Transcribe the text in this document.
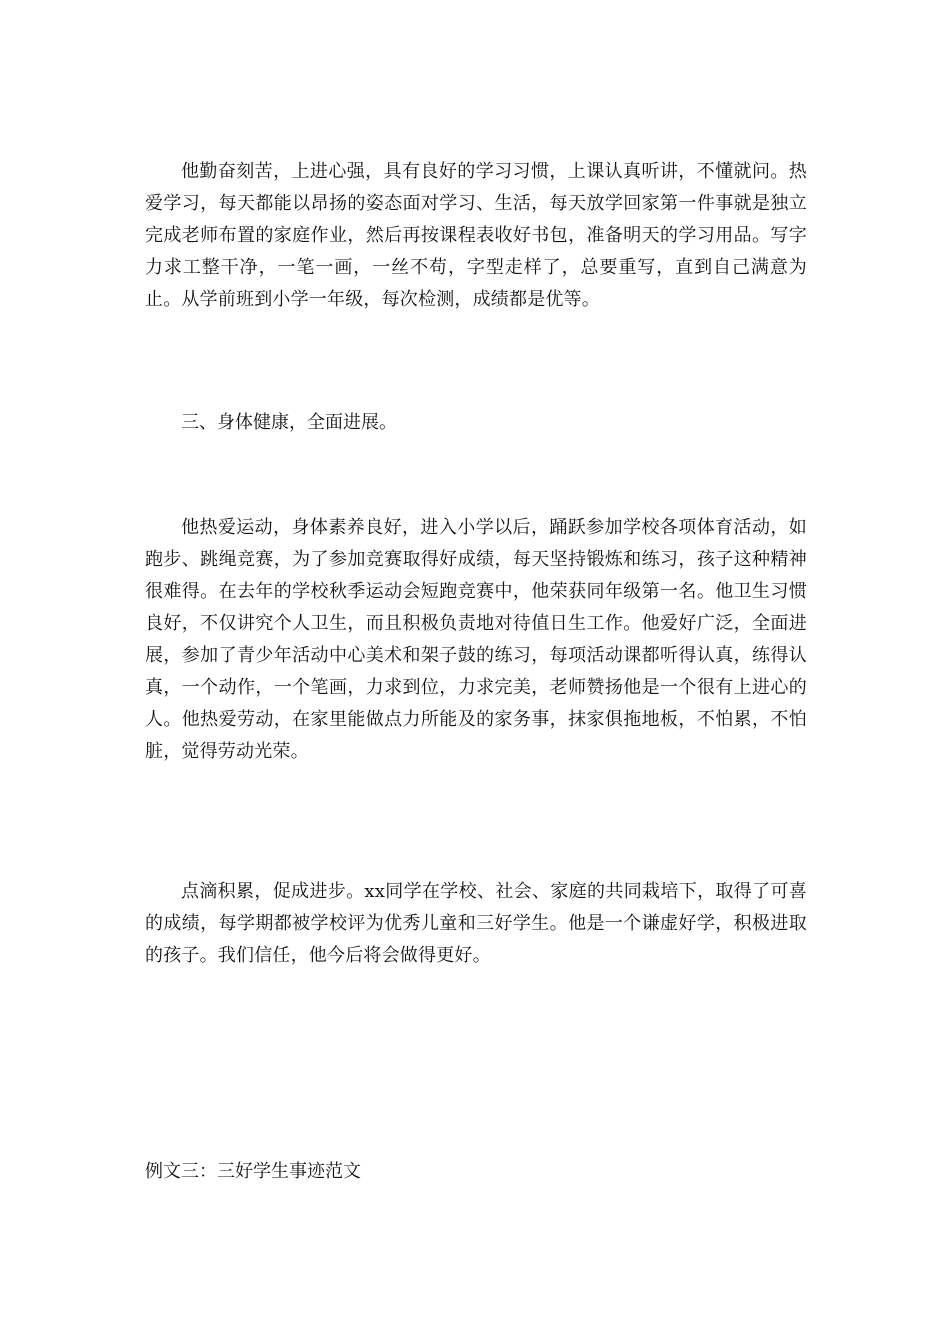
他勤奋刻苦，上进心强，具有良好的学习习惯，上课认真听讲，不懂就问。热爱学习，每天都能以昂扬的姿态面对学习、生活，每天放学回家第一件事就是独立完成老师布置的家庭作业，然后再按课程表收好书包，准备明天的学习用品。写字力求工整干净，一笔一画，一丝不苟，字型走样了，总要重写，直到自己满意为止。从学前班到小学一年级，每次检测，成绩都是优等。

三、身体健康，全面进展。

他热爱运动，身体素养良好，进入小学以后，踊跃参加学校各项体育活动，如跑步、跳绳竞赛，为了参加竞赛取得好成绩，每天坚持锻炼和练习，孩子这种精神很难得。在去年的学校秋季运动会短跑竞赛中，他荣获同年级第一名。他卫生习惯良好，不仅讲究个人卫生，而且积极负责地对待值日生工作。他爱好广泛，全面进展，参加了青少年活动中心美术和架子鼓的练习，每项活动课都听得认真，练得认真，一个动作，一个笔画，力求到位，力求完美，老师赞扬他是一个很有上进心的人。他热爱劳动，在家里能做点力所能及的家务事，抹家俱拖地板，不怕累，不怕脏，觉得劳动光荣。

点滴积累，促成进步。xx同学在学校、社会、家庭的共同栽培下，取得了可喜的成绩，每学期都被学校评为优秀儿童和三好学生。他是一个谦虚好学，积极进取的孩子。我们信任，他今后将会做得更好。

例文三：三好学生事迹范文
